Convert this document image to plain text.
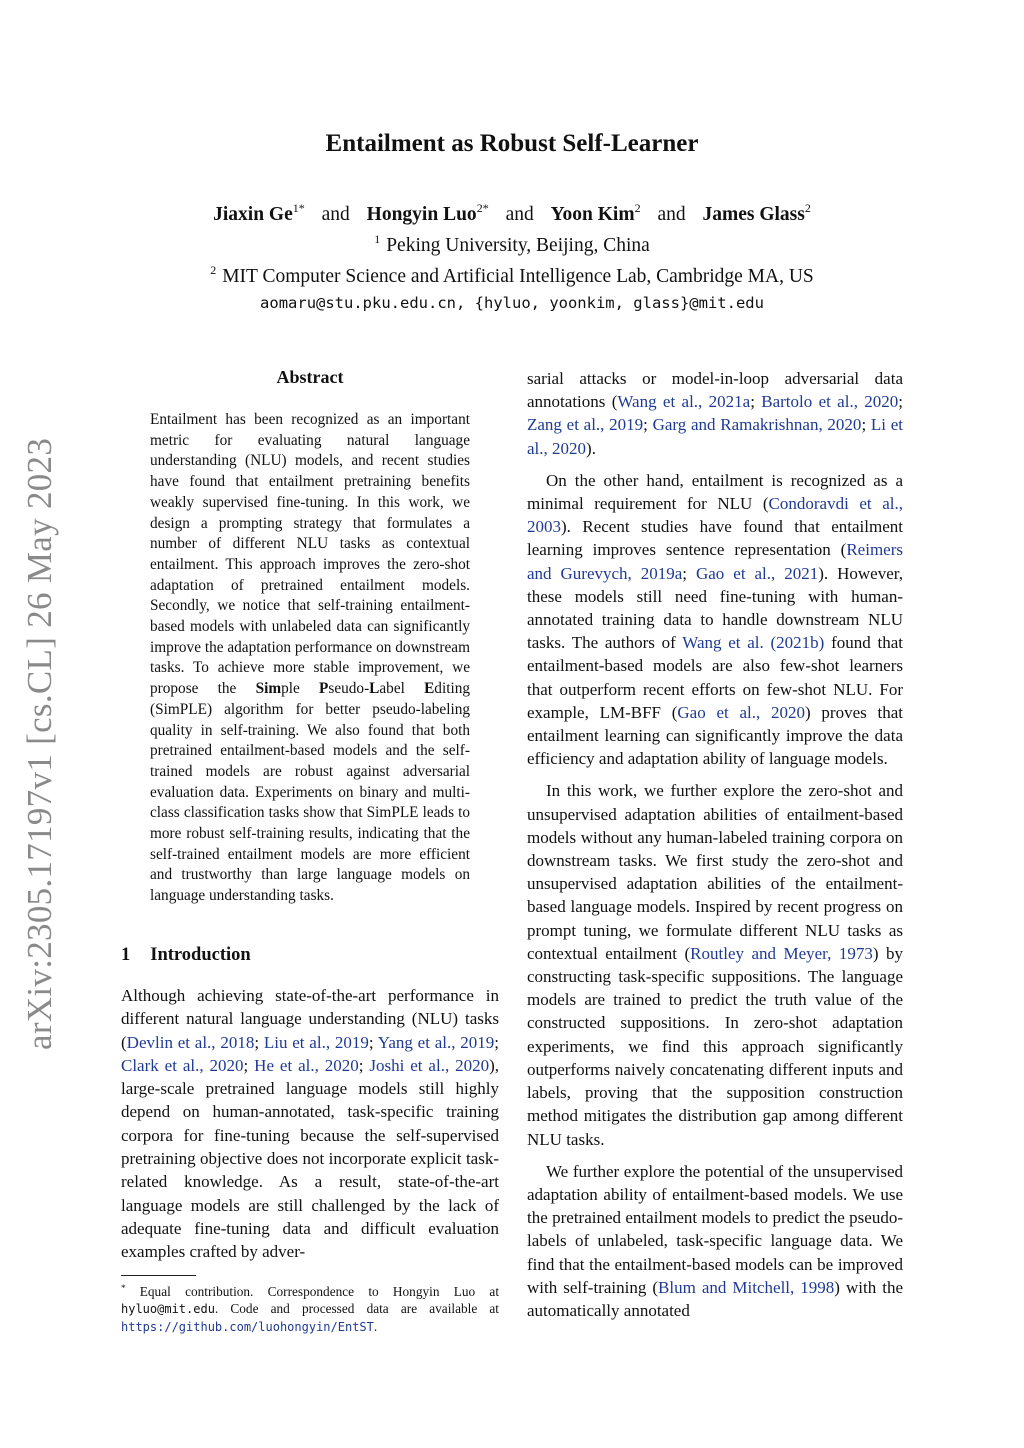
arXiv:2305.17197v1 [cs.CL] 26 May 2023
Entailment as Robust Self-Learner
Jiaxin $Ge^{1*}$ and Hongyin Luo$^{2*}$ and Yoon Kim$^2$ and James Glass$^2$
$^1$ Peking University, Beijing, China
$^2$ MIT Computer Science and Artificial Intelligence Lab, Cambridge MA, US
aomaru@stu.pku.edu.cn, {hyluo, yoonkim, glass}@mit.edu
Abstract
Entailment has been recognized as an important metric for evaluating natural language understanding (NLU) models, and recent studies have found that entailment pretraining benefits weakly supervised fine-tuning. In this work, we design a prompting strategy that formulates a number of different NLU tasks as contextual entailment. This approach improves the zero-shot adaptation of pretrained entailment models. Secondly, we notice that self-training entailment-based models with unlabeled data can significantly improve the adaptation performance on downstream tasks. To achieve more stable improvement, we propose the Simple Pseudo-Label Editing (SimPLE) algorithm for better pseudo-labeling quality in self-training. We also found that both pretrained entailment-based models and the self-trained models are robust against adversarial evaluation data. Experiments on binary and multi-class classification tasks show that SimPLE leads to more robust self-training results, indicating that the self-trained entailment models are more efficient and trustworthy than large language models on language understanding tasks.
1 Introduction

Although achieving state-of-the-art performance in different natural language understanding (NLU) tasks (Devlin et al., 2018; Liu et al., 2019; Yang et al., 2019; Clark et al., 2020; He et al., 2020; Joshi et al., 2020), large-scale pretrained language models still highly depend on human-annotated, task-specific training corpora for fine-tuning because the self-supervised pretraining objective does not incorporate explicit task-related knowledge. As a result, state-of-the-art language models are still challenged by the lack of adequate fine-tuning data and difficult evaluation examples crafted by adver-

sarial attacks or model-in-loop adversarial data annotations (Wang et al., 2021a; Bartolo et al., 2020; Zang et al., 2019; Garg and Ramakrishnan, 2020; Li et al., 2020).

On the other hand, entailment is recognized as a minimal requirement for NLU (Condoravdi et al., 2003). Recent studies have found that entailment learning improves sentence representation (Reimers and Gurevych, 2019a; Gao et al., 2021). However, these models still need fine-tuning with human-annotated training data to handle downstream NLU tasks. The authors of Wang et al. (2021b) found that entailment-based models are also few-shot learners that outperform recent efforts on few-shot NLU. For example, LM-BFF (Gao et al., 2020) proves that entailment learning can significantly improve the data efficiency and adaptation ability of language models.

In this work, we further explore the zero-shot and unsupervised adaptation abilities of entailment-based models without any human-labeled training corpora on downstream tasks. We first study the zero-shot and unsupervised adaptation abilities of the entailment-based language models. Inspired by recent progress on prompt tuning, we formulate different NLU tasks as contextual entailment (Routley and Meyer, 1973) by constructing task-specific suppositions. The language models are trained to predict the truth value of the constructed suppositions. In zero-shot adaptation experiments, we find this approach significantly outperforms naively concatenating different inputs and labels, proving that the supposition construction method mitigates the distribution gap among different NLU tasks.

We further explore the potential of the unsupervised adaptation ability of entailment-based models. We use the pretrained entailment models to predict the pseudo-labels of unlabeled, task-specific language data. We find that the entailment-based models can be improved with self-training (Blum and Mitchell, 1998) with the automatically annotated

* Equal contribution. Correspondence to Hongyin Luo at hyluo@mit.edu. Code and processed data are available at https://github.com/luohongyin/EntST.
